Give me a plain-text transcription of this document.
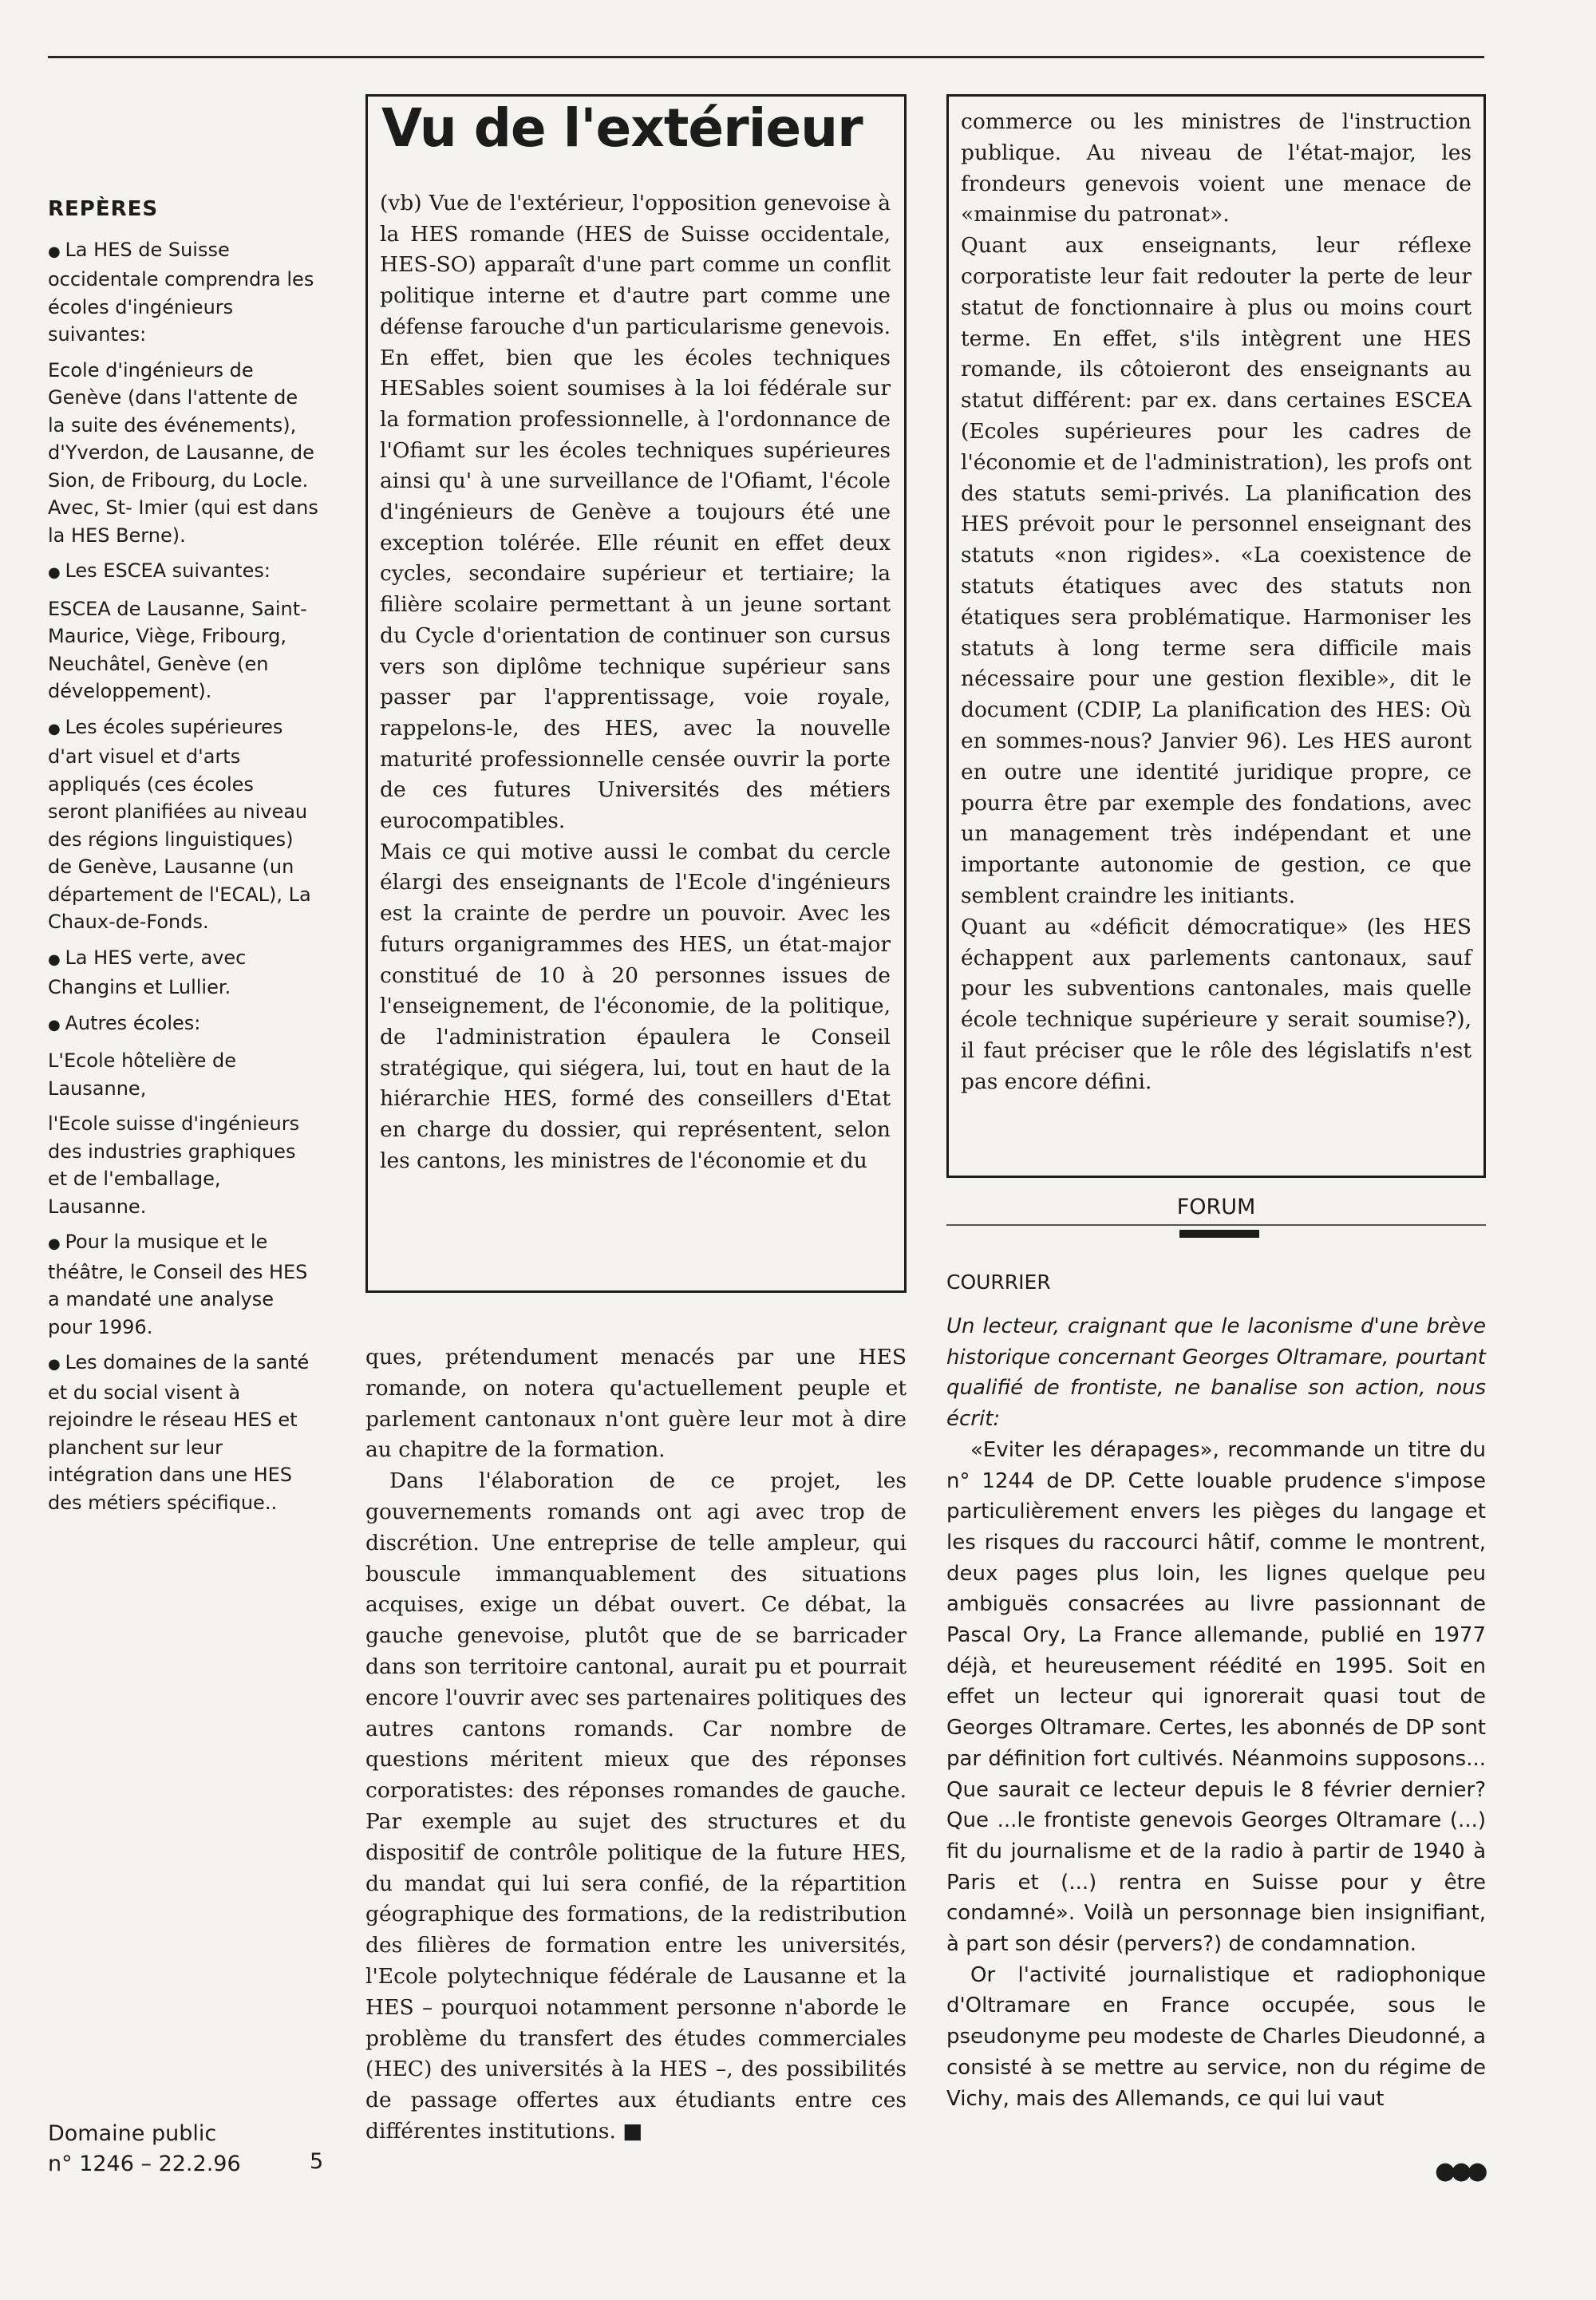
REPÈRES

● La HES de Suisse occidentale comprendra les écoles d'ingénieurs suivantes:

Ecole d'ingénieurs de Genève (dans l'attente de la suite des événements), d'Yverdon, de Lausanne, de Sion, de Fribourg, du Locle. Avec, St- Imier (qui est dans la HES Berne).

● Les ESCEA suivantes:

ESCEA de Lausanne, Saint-Maurice, Viège, Fribourg, Neuchâtel, Genève (en développement).

● Les écoles supérieures d'art visuel et d'arts appliqués (ces écoles seront planifiées au niveau des régions linguistiques) de Genève, Lausanne (un département de l'ECAL), La Chaux-de-Fonds.

● La HES verte, avec Changins et Lullier.

● Autres écoles:

L'Ecole hôtelière de Lausanne,

l'Ecole suisse d'ingénieurs des industries graphiques et de l'emballage, Lausanne.

● Pour la musique et le théâtre, le Conseil des HES a mandaté une analyse pour 1996.

● Les domaines de la santé et du social visent à rejoindre le réseau HES et planchent sur leur intégration dans une HES des métiers spécifique..

Domaine public
n° 1246 – 22.2.96	5
Vu de l'extérieur

(vb) Vue de l'extérieur, l'opposition genevoise à la HES romande (HES de Suisse occidentale, HES-SO) apparaît d'une part comme un conflit politique interne et d'autre part comme une défense farouche d'un particularisme genevois. En effet, bien que les écoles techniques HESables soient soumises à la loi fédérale sur la formation professionnelle, à l'ordonnance de l'Ofiamt sur les écoles techniques supérieures ainsi qu' à une surveillance de l'Ofiamt, l'école d'ingénieurs de Genève a toujours été une exception tolérée. Elle réunit en effet deux cycles, secondaire supérieur et tertiaire; la filière scolaire permettant à un jeune sortant du Cycle d'orientation de continuer son cursus vers son diplôme technique supérieur sans passer par l'apprentissage, voie royale, rappelons-le, des HES, avec la nouvelle maturité professionnelle censée ouvrir la porte de ces futures Universités des métiers eurocompatibles.

Mais ce qui motive aussi le combat du cercle élargi des enseignants de l'Ecole d'ingénieurs est la crainte de perdre un pouvoir. Avec les futurs organigrammes des HES, un état-major constitué de 10 à 20 personnes issues de l'enseignement, de l'économie, de la politique, de l'administration épaulera le Conseil stratégique, qui siégera, lui, tout en haut de la hiérarchie HES, formé des conseillers d'Etat en charge du dossier, qui représentent, selon les cantons, les ministres de l'économie et du

commerce ou les ministres de l'instruction publique. Au niveau de l'état-major, les frondeurs genevois voient une menace de «mainmise du patronat».

Quant aux enseignants, leur réflexe corporatiste leur fait redouter la perte de leur statut de fonctionnaire à plus ou moins court terme. En effet, s'ils intègrent une HES romande, ils côtoieront des enseignants au statut différent: par ex. dans certaines ESCEA (Ecoles supérieures pour les cadres de l'économie et de l'administration), les profs ont des statuts semi-privés. La planification des HES prévoit pour le personnel enseignant des statuts «non rigides». «La coexistence de statuts étatiques avec des statuts non étatiques sera problématique. Harmoniser les statuts à long terme sera difficile mais nécessaire pour une gestion flexible», dit le document (CDIP, La planification des HES: Où en sommes-nous? Janvier 96). Les HES auront en outre une identité juridique propre, ce pourra être par exemple des fondations, avec un management très indépendant et une importante autonomie de gestion, ce que semblent craindre les initiants.

Quant au «déficit démocratique» (les HES échappent aux parlements cantonaux, sauf pour les subventions cantonales, mais quelle école technique supérieure y serait soumise?), il faut préciser que le rôle des législatifs n'est pas encore défini.

ques, prétendument menacés par une HES romande, on notera qu'actuellement peuple et parlement cantonaux n'ont guère leur mot à dire au chapitre de la formation.

Dans l'élaboration de ce projet, les gouvernements romands ont agi avec trop de discrétion. Une entreprise de telle ampleur, qui bouscule immanquablement des situations acquises, exige un débat ouvert. Ce débat, la gauche genevoise, plutôt que de se barricader dans son territoire cantonal, aurait pu et pourrait encore l'ouvrir avec ses partenaires politiques des autres cantons romands. Car nombre de questions méritent mieux que des réponses corporatistes: des réponses romandes de gauche. Par exemple au sujet des structures et du dispositif de contrôle politique de la future HES, du mandat qui lui sera confié, de la répartition géographique des formations, de la redistribution des filières de formation entre les universités, l'Ecole polytechnique fédérale de Lausanne et la HES – pourquoi notamment personne n'aborde le problème du transfert des études commerciales (HEC) des universités à la HES –, des possibilités de passage offertes aux étudiants entre ces différentes institutions. ■

FORUM
COURRIER

Un lecteur, craignant que le laconisme d'une brève historique concernant Georges Oltramare, pourtant qualifié de frontiste, ne banalise son action, nous écrit:

«Eviter les dérapages», recommande un titre du n° 1244 de DP. Cette louable prudence s'impose particulièrement envers les pièges du langage et les risques du raccourci hâtif, comme le montrent, deux pages plus loin, les lignes quelque peu ambiguës consacrées au livre passionnant de Pascal Ory, La France allemande, publié en 1977 déjà, et heureusement réédité en 1995. Soit en effet un lecteur qui ignorerait quasi tout de Georges Oltramare. Certes, les abonnés de DP sont par définition fort cultivés. Néanmoins supposons... Que saurait ce lecteur depuis le 8 février dernier? Que ...le frontiste genevois Georges Oltramare (...) fit du journalisme et de la radio à partir de 1940 à Paris et (...) rentra en Suisse pour y être condamné». Voilà un personnage bien insignifiant, à part son désir (pervers?) de condamnation.

Or l'activité journalistique et radiophonique d'Oltramare en France occupée, sous le pseudonyme peu modeste de Charles Dieudonné, a consisté à se mettre au service, non du régime de Vichy, mais des Allemands, ce qui lui vaut

●●●
